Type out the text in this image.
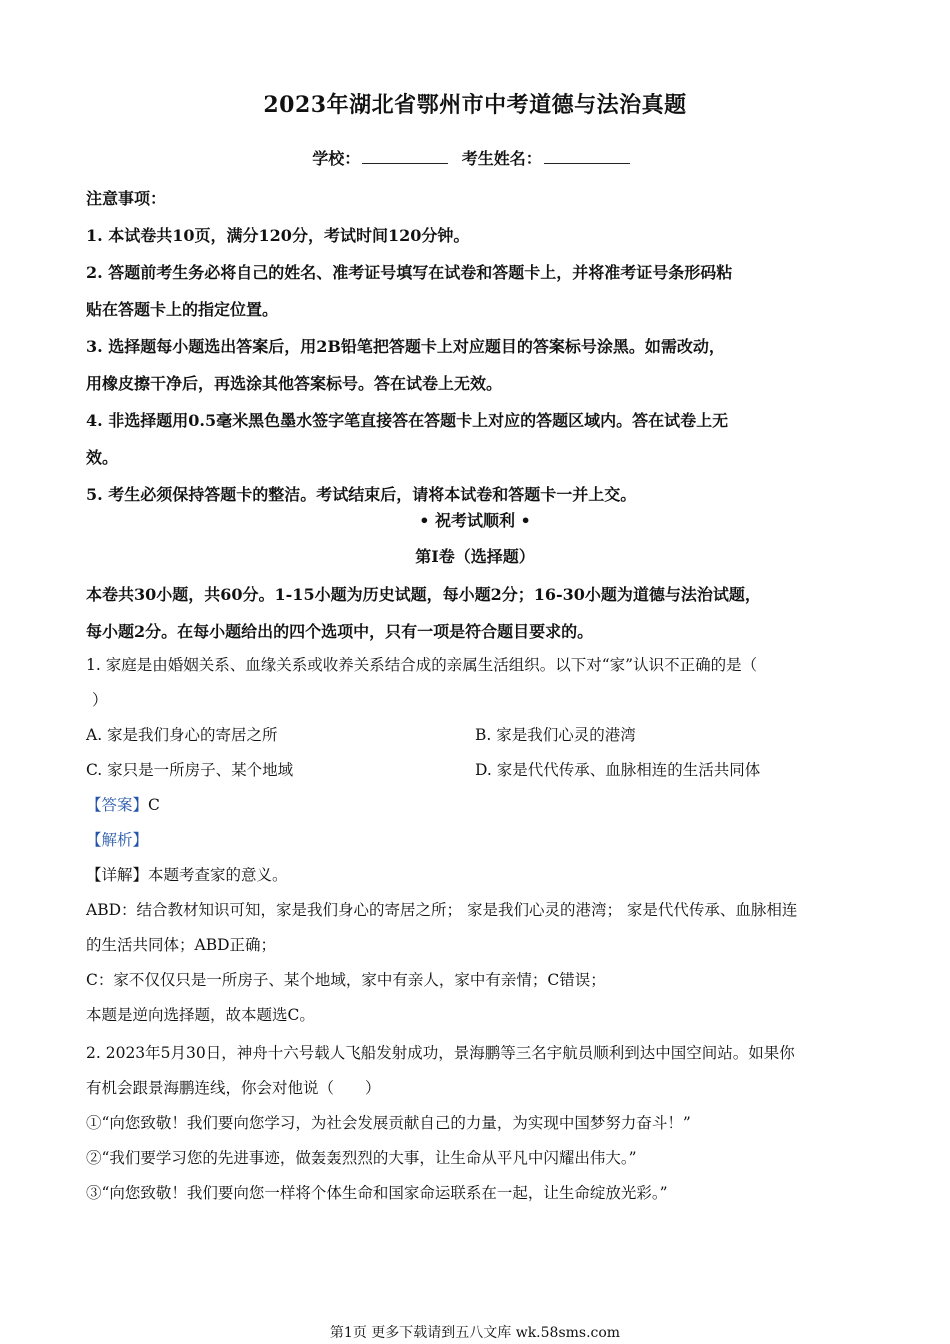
2023年湖北省鄂州市中考道德与法治真题
学校：	考生姓名：

注意事项：

1. 本试卷共10页，满分120分，考试时间120分钟。

2. 答题前考生务必将自己的姓名、准考证号填写在试卷和答题卡上，并将准考证号条形码粘

贴在答题卡上的指定位置。

3. 选择题每小题选出答案后，用2B铅笔把答题卡上对应题目的答案标号涂黑。如需改动，

用橡皮擦干净后，再选涂其他答案标号。答在试卷上无效。

4. 非选择题用0.5毫米黑色墨水签字笔直接答在答题卡上对应的答题区域内。答在试卷上无

效。

5. 考生必须保持答题卡的整洁。考试结束后，请将本试卷和答题卡一并上交。

• 祝考试顺利 •
第Ⅰ卷（选择题）
本卷共30小题，共60分。1-15小题为历史试题，每小题2分；16-30小题为道德与法治试题，
每小题2分。在每小题给出的四个选项中，只有一项是符合题目要求的。

1. 家庭是由婚姻关系、血缘关系或收养关系结合成的亲属生活组织。以下对“家”认识不正确的是（

）

A. 家是我们身心的寄居之所	B. 家是我们心灵的港湾
C. 家只是一所房子、某个地域	D. 家是代代传承、血脉相连的生活共同体

【答案】C

【解析】

【详解】本题考查家的意义。

ABD：结合教材知识可知，家是我们身心的寄居之所； 家是我们心灵的港湾； 家是代代传承、血脉相连

的生活共同体；ABD正确；

C：家不仅仅只是一所房子、某个地域，家中有亲人，家中有亲情；C错误；

本题是逆向选择题，故本题选C。

2. 2023年5月30日，神舟十六号载人飞船发射成功，景海鹏等三名宇航员顺利到达中国空间站。如果你

有机会跟景海鹏连线，你会对他说（　　）

①“向您致敬！我们要向您学习，为社会发展贡献自己的力量，为实现中国梦努力奋斗！”

②“我们要学习您的先进事迹，做轰轰烈烈的大事，让生命从平凡中闪耀出伟大。”

③“向您致敬！我们要向您一样将个体生命和国家命运联系在一起，让生命绽放光彩。”

第1页 更多下载请到五八文库 wk.58sms.com
